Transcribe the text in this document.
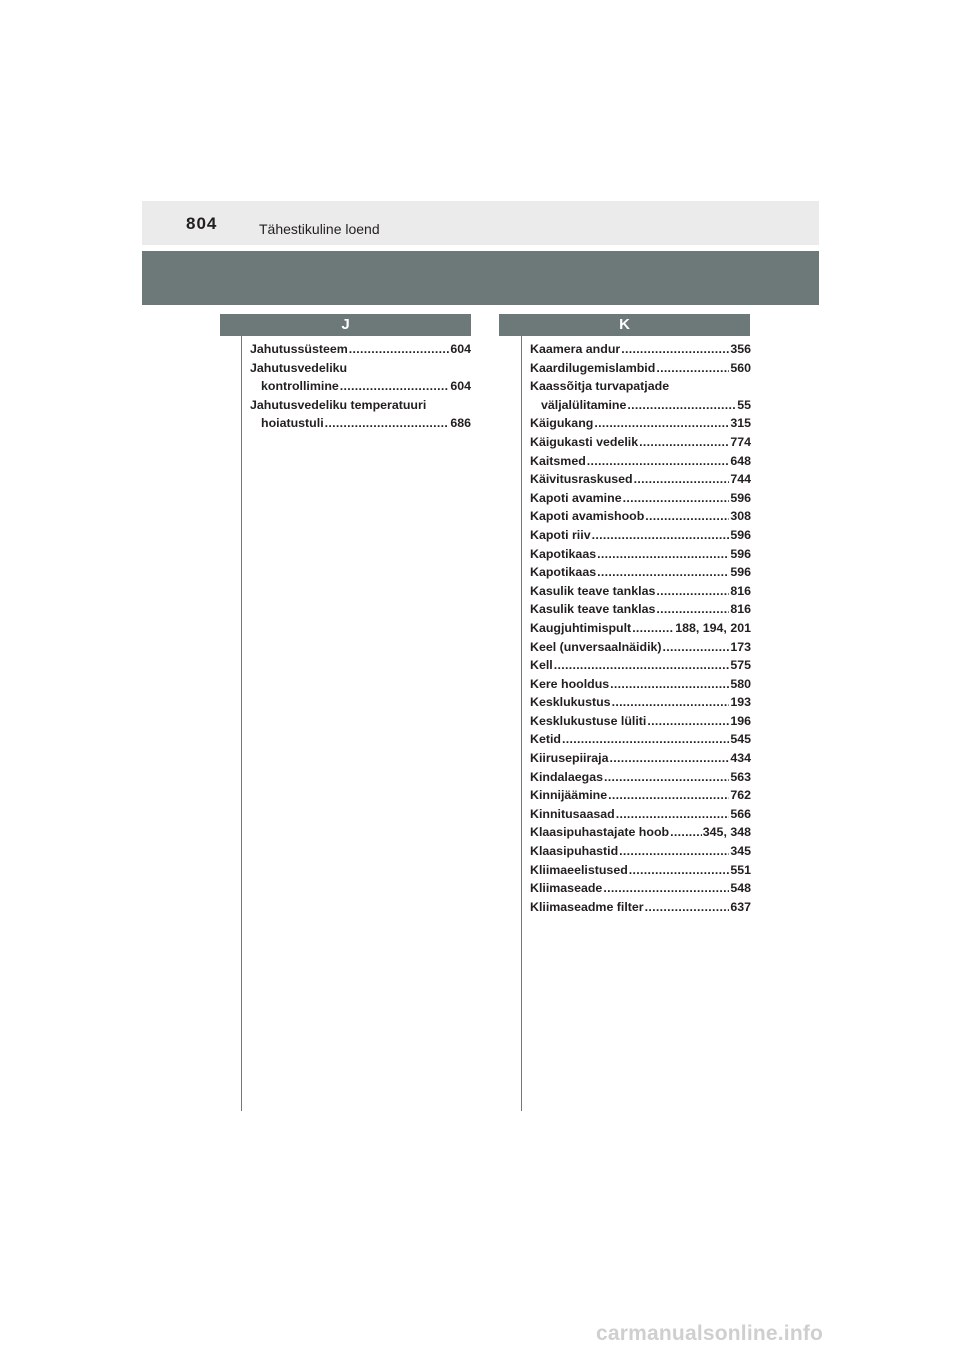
804	Tähestikuline loend
J	K
Jahutussüsteem .....	604
Jahutusvedeliku
kontrollimine .....	604
Jahutusvedeliku temperatuuri
hoiatustuli .....	686
Kaamera andur .....	356
Kaardilugemislambid .....	560
Kaassõitja turvapatjade
väljalülitamine .....	55
Käigukang .....	315
Käigukasti vedelik .....	774
Kaitsmed .....	648
Käivitusraskused .....	744
Kapoti avamine .....	596
Kapoti avamishoob .....	308
Kapoti riiv .....	596
Kapotikaas .....	596
Kapotikaas .....	596
Kasulik teave tanklas .....	816
Kasulik teave tanklas .....	816
Kaugjuhtimispult .....	188, 194, 201
Keel (unversaalnäidik) .....	173
Kell .....	575
Kere hooldus .....	580
Kesklukustus .....	193
Kesklukustuse lüliti .....	196
Ketid .....	545
Kiirusepiiraja .....	434
Kindalaegas .....	563
Kinnijäämine .....	762
Kinnitusaasad .....	566
Klaasipuhastajate hoob .....	345, 348
Klaasipuhastid .....	345
Kliimaeelistused .....	551
Kliimaseade .....	548
Kliimaseadme filter .....	637
carmanualsonline.info
